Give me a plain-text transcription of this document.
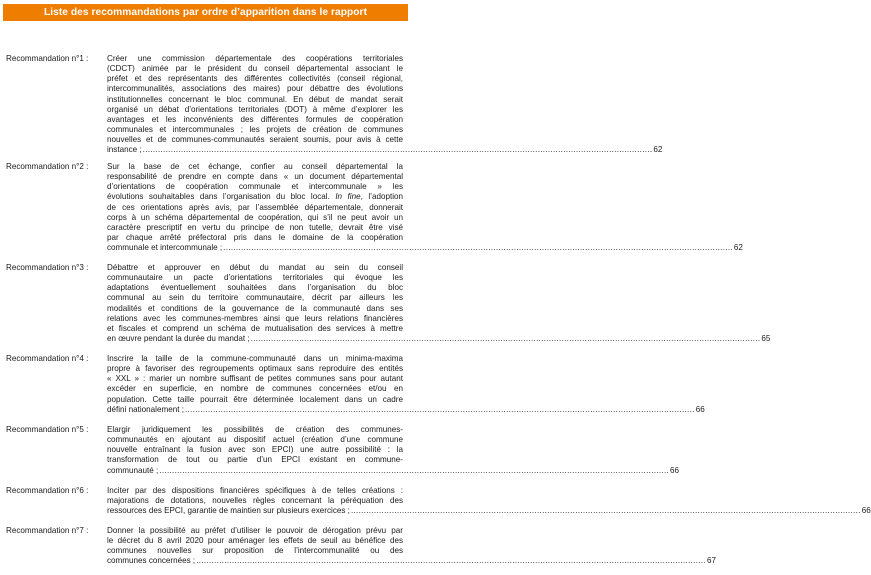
Liste des recommandations par ordre d’apparition dans le rapport
Recommandation n°1 :	Créer une commission départementale des coopérations territoriales
(CDCT) animée par le président du conseil départemental associant le
préfet et des représentants des différentes collectivités (conseil régional,
intercommunalités, associations des maires) pour débattre des évolutions
institutionnelles concernant le bloc communal. En début de mandat serait
organisé un débat d’orientations territoriales (DOT) à même d’explorer les
avantages et les inconvénients des différentes formules de coopération
communales et intercommunales ; les projets de création de communes
nouvelles et de communes-communautés seraient soumis, pour avis à cette
instance ; ........................................................................................................................................................................................................ 62
Recommandation n°2 :	Sur la base de cet échange, confier au conseil départemental la
responsabilité de prendre en compte dans « un document départemental
d’orientations de coopération communale et intercommunale » les
évolutions souhaitables dans l’organisation du bloc local. In fine, l’adoption
de ces orientations après avis, par l’assemblée départementale, donnerait
corps à un schéma départemental de coopération, qui s’il ne peut avoir un
caractère prescriptif en vertu du principe de non tutelle, devrait être visé
par chaque arrêté préfectoral pris dans le domaine de la coopération
communale et intercommunale ; ........................................................................................................................................................................................................ 62
Recommandation n°3 :	Débattre et approuver en début du mandat au sein du conseil
communautaire un pacte d’orientations territoriales qui évoque les
adaptations éventuellement souhaitées dans l’organisation du bloc
communal au sein du territoire communautaire, décrit par ailleurs les
modalités et conditions de la gouvernance de la communauté dans ses
relations avec les communes-membres ainsi que leurs relations financières
et fiscales et comprend un schéma de mutualisation des services à mettre
en œuvre pendant la durée du mandat ; ........................................................................................................................................................................................................ 65
Recommandation n°4 :	Inscrire la taille de la commune-communauté dans un minima-maxima
propre à favoriser des regroupements optimaux sans reproduire des entités
« XXL » : marier un nombre suffisant de petites communes sans pour autant
excéder en superficie, en nombre de communes concernées et/ou en
population. Cette taille pourrait être déterminée localement dans un cadre
défini nationalement ; ........................................................................................................................................................................................................ 66
Recommandation n°5 :	Elargir juridiquement les possibilités de création des communes-
communautés en ajoutant au dispositif actuel (création d’une commune
nouvelle entraînant la fusion avec son EPCI) une autre possibilité : la
transformation de tout ou partie d’un EPCI existant en commune-
communauté ; ........................................................................................................................................................................................................ 66
Recommandation n°6 :	Inciter par des dispositions financières spécifiques à de telles créations :
majorations de dotations, nouvelles règles concernant la péréquation des
ressources des EPCI, garantie de maintien sur plusieurs exercices ; ........................................................................................................................................................................................................ 66
Recommandation n°7 :	Donner la possibilité au préfet d’utiliser le pouvoir de dérogation prévu par
le décret du 8 avril 2020 pour aménager les effets de seuil au bénéfice des
communes nouvelles sur proposition de l’intercommunalité ou des
communes concernées ; ........................................................................................................................................................................................................ 67
